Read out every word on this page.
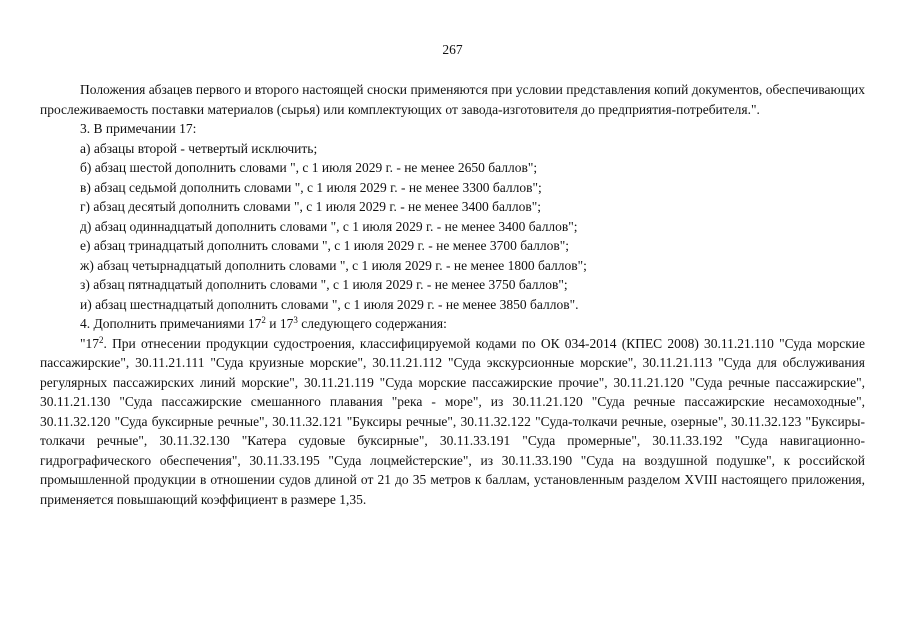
267

Положения абзацев первого и второго настоящей сноски применяются при условии представления копий документов, обеспечивающих прослеживаемость поставки материалов (сырья) или комплектующих от завода-изготовителя до предприятия-потребителя.".

3. В примечании 17:

а) абзацы второй - четвертый исключить;

б) абзац шестой дополнить словами ", с 1 июля 2029 г. - не менее 2650 баллов";

в) абзац седьмой дополнить словами ", с 1 июля 2029 г. - не менее 3300 баллов";

г) абзац десятый дополнить словами ", с 1 июля 2029 г. - не менее 3400 баллов";

д) абзац одиннадцатый дополнить словами ", с 1 июля 2029 г. - не менее 3400 баллов";

е) абзац тринадцатый дополнить словами ", с 1 июля 2029 г. - не менее 3700 баллов";

ж) абзац четырнадцатый дополнить словами ", с 1 июля 2029 г. - не менее 1800 баллов";

з) абзац пятнадцатый дополнить словами ", с 1 июля 2029 г. - не менее 3750 баллов";

и) абзац шестнадцатый дополнить словами ", с 1 июля 2029 г. - не менее 3850 баллов".

4. Дополнить примечаниями $17^2$ и $17^3$ следующего содержания:

"$17^2$. При отнесении продукции судостроения, классифицируемой кодами по ОК 034-2014 (КПЕС 2008) 30.11.21.110 "Суда морские пассажирские", 30.11.21.111 "Суда круизные морские", 30.11.21.112 "Суда экскурсионные морские", 30.11.21.113 "Суда для обслуживания регулярных пассажирских линий морские", 30.11.21.119 "Суда морские пассажирские прочие", 30.11.21.120 "Суда речные пассажирские", 30.11.21.130 "Суда пассажирские смешанного плавания "река - море", из 30.11.21.120 "Суда речные пассажирские несамоходные", 30.11.32.120 "Суда буксирные речные", 30.11.32.121 "Буксиры речные", 30.11.32.122 "Суда-толкачи речные, озерные", 30.11.32.123 "Буксиры-толкачи речные", 30.11.32.130 "Катера судовые буксирные", 30.11.33.191 "Суда промерные", 30.11.33.192 "Суда навигационно-гидрографического обеспечения", 30.11.33.195 "Суда лоцмейстерские", из 30.11.33.190 "Суда на воздушной подушке", к российской промышленной продукции в отношении судов длиной от 21 до 35 метров к баллам, установленным разделом XVIII настоящего приложения, применяется повышающий коэффициент в размере 1,35.
